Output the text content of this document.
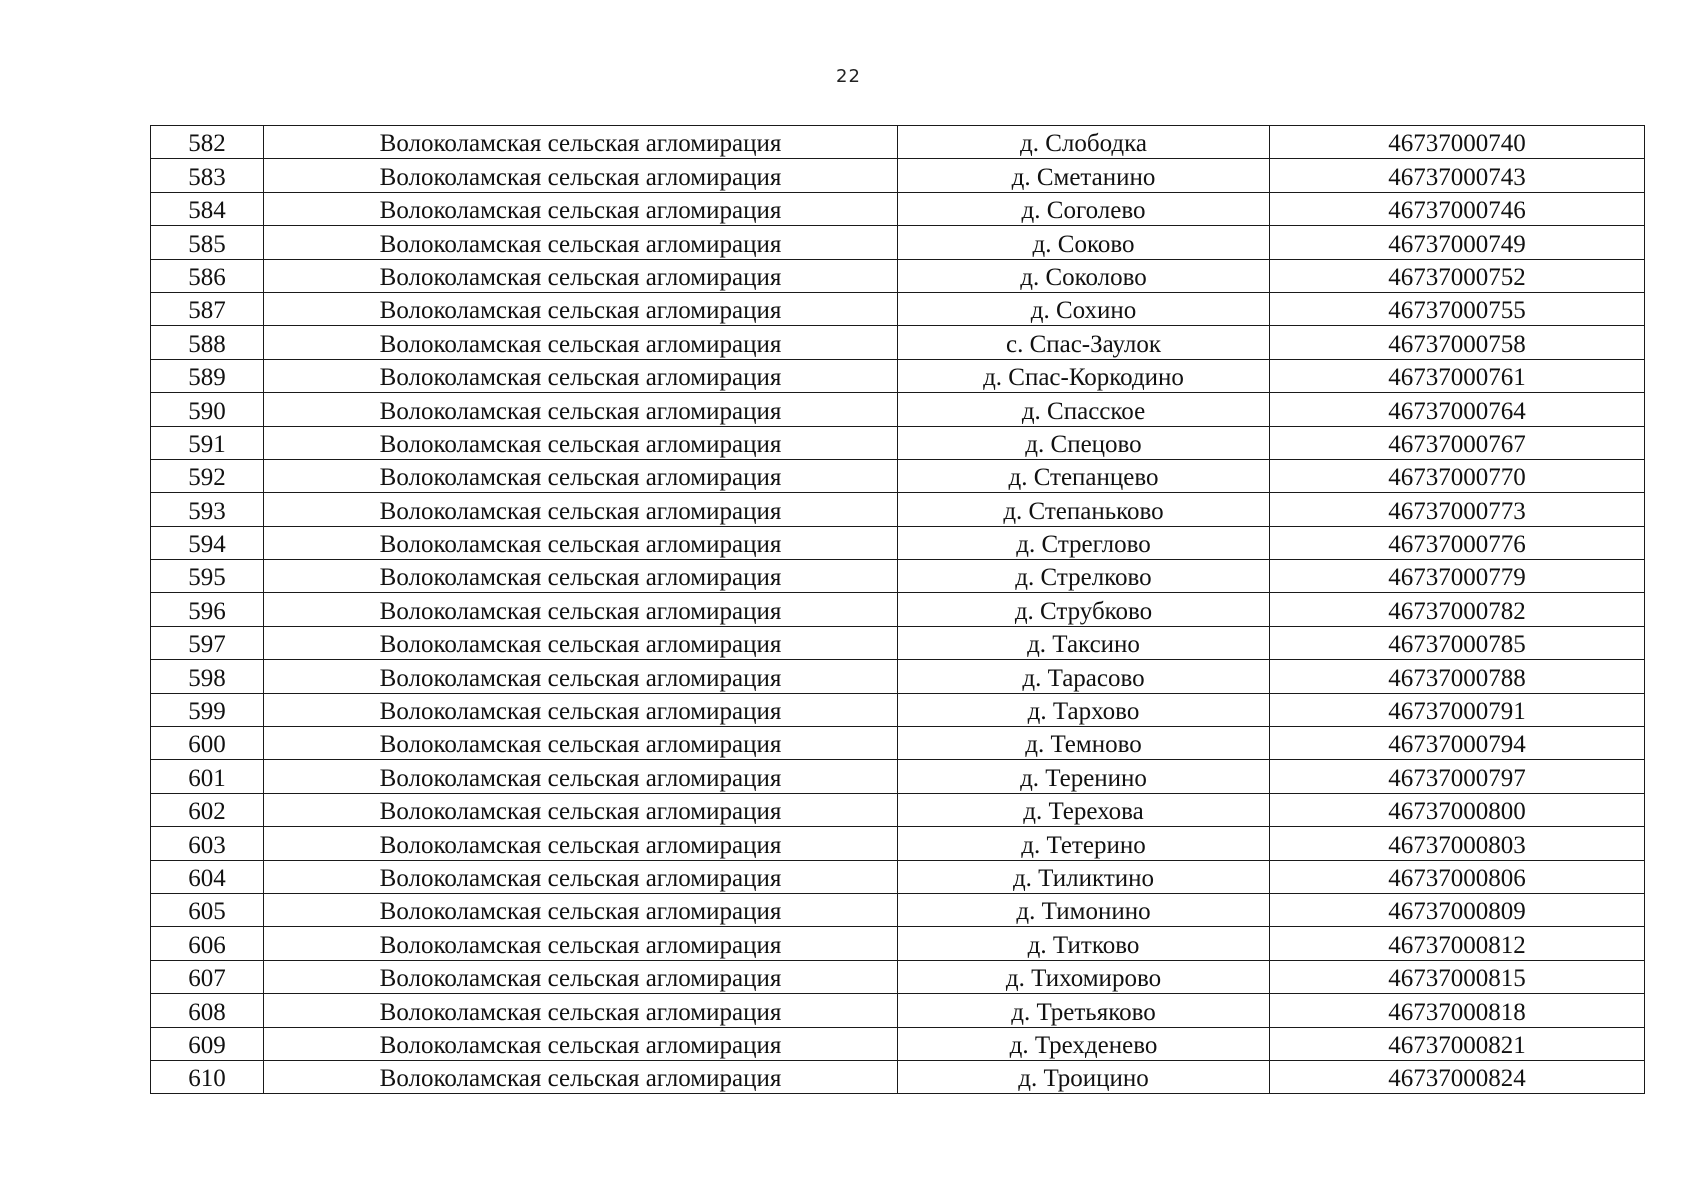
22
582	Волоколамская сельская агломирация	д. Слободка	46737000740
583	Волоколамская сельская агломирация	д. Сметанино	46737000743
584	Волоколамская сельская агломирация	д. Соголево	46737000746
585	Волоколамская сельская агломирация	д. Соково	46737000749
586	Волоколамская сельская агломирация	д. Соколово	46737000752
587	Волоколамская сельская агломирация	д. Сохино	46737000755
588	Волоколамская сельская агломирация	с. Спас-Заулок	46737000758
589	Волоколамская сельская агломирация	д. Спас-Коркодино	46737000761
590	Волоколамская сельская агломирация	д. Спасское	46737000764
591	Волоколамская сельская агломирация	д. Спецово	46737000767
592	Волоколамская сельская агломирация	д. Степанцево	46737000770
593	Волоколамская сельская агломирация	д. Степаньково	46737000773
594	Волоколамская сельская агломирация	д. Стреглово	46737000776
595	Волоколамская сельская агломирация	д. Стрелково	46737000779
596	Волоколамская сельская агломирация	д. Струбково	46737000782
597	Волоколамская сельская агломирация	д. Таксино	46737000785
598	Волоколамская сельская агломирация	д. Тарасово	46737000788
599	Волоколамская сельская агломирация	д. Тархово	46737000791
600	Волоколамская сельская агломирация	д. Темново	46737000794
601	Волоколамская сельская агломирация	д. Теренино	46737000797
602	Волоколамская сельская агломирация	д. Терехова	46737000800
603	Волоколамская сельская агломирация	д. Тетерино	46737000803
604	Волоколамская сельская агломирация	д. Тиликтино	46737000806
605	Волоколамская сельская агломирация	д. Тимонино	46737000809
606	Волоколамская сельская агломирация	д. Титково	46737000812
607	Волоколамская сельская агломирация	д. Тихомирово	46737000815
608	Волоколамская сельская агломирация	д. Третьяково	46737000818
609	Волоколамская сельская агломирация	д. Трехденево	46737000821
610	Волоколамская сельская агломирация	д. Троицино	46737000824
